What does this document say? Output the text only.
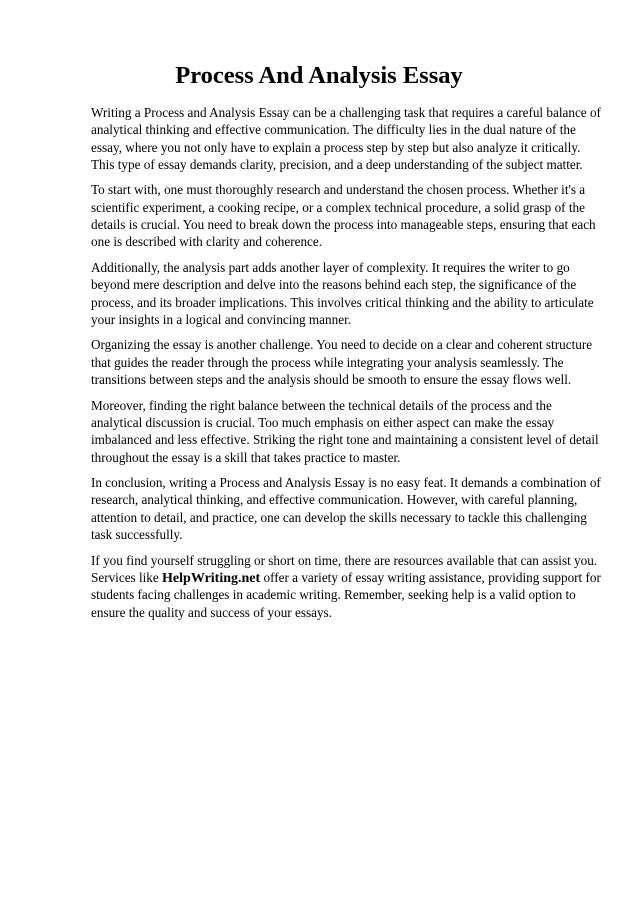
Process And Analysis Essay

Writing a Process and Analysis Essay can be a challenging task that requires a careful balance of
analytical thinking and effective communication. The difficulty lies in the dual nature of the
essay, where you not only have to explain a process step by step but also analyze it critically.
This type of essay demands clarity, precision, and a deep understanding of the subject matter.

To start with, one must thoroughly research and understand the chosen process. Whether it's a
scientific experiment, a cooking recipe, or a complex technical procedure, a solid grasp of the
details is crucial. You need to break down the process into manageable steps, ensuring that each
one is described with clarity and coherence.

Additionally, the analysis part adds another layer of complexity. It requires the writer to go
beyond mere description and delve into the reasons behind each step, the significance of the
process, and its broader implications. This involves critical thinking and the ability to articulate
your insights in a logical and convincing manner.

Organizing the essay is another challenge. You need to decide on a clear and coherent structure
that guides the reader through the process while integrating your analysis seamlessly. The
transitions between steps and the analysis should be smooth to ensure the essay flows well.

Moreover, finding the right balance between the technical details of the process and the
analytical discussion is crucial. Too much emphasis on either aspect can make the essay
imbalanced and less effective. Striking the right tone and maintaining a consistent level of detail
throughout the essay is a skill that takes practice to master.

In conclusion, writing a Process and Analysis Essay is no easy feat. It demands a combination of
research, analytical thinking, and effective communication. However, with careful planning,
attention to detail, and practice, one can develop the skills necessary to tackle this challenging
task successfully.

If you find yourself struggling or short on time, there are resources available that can assist you.
Services like HelpWriting.net offer a variety of essay writing assistance, providing support for
students facing challenges in academic writing. Remember, seeking help is a valid option to
ensure the quality and success of your essays.
